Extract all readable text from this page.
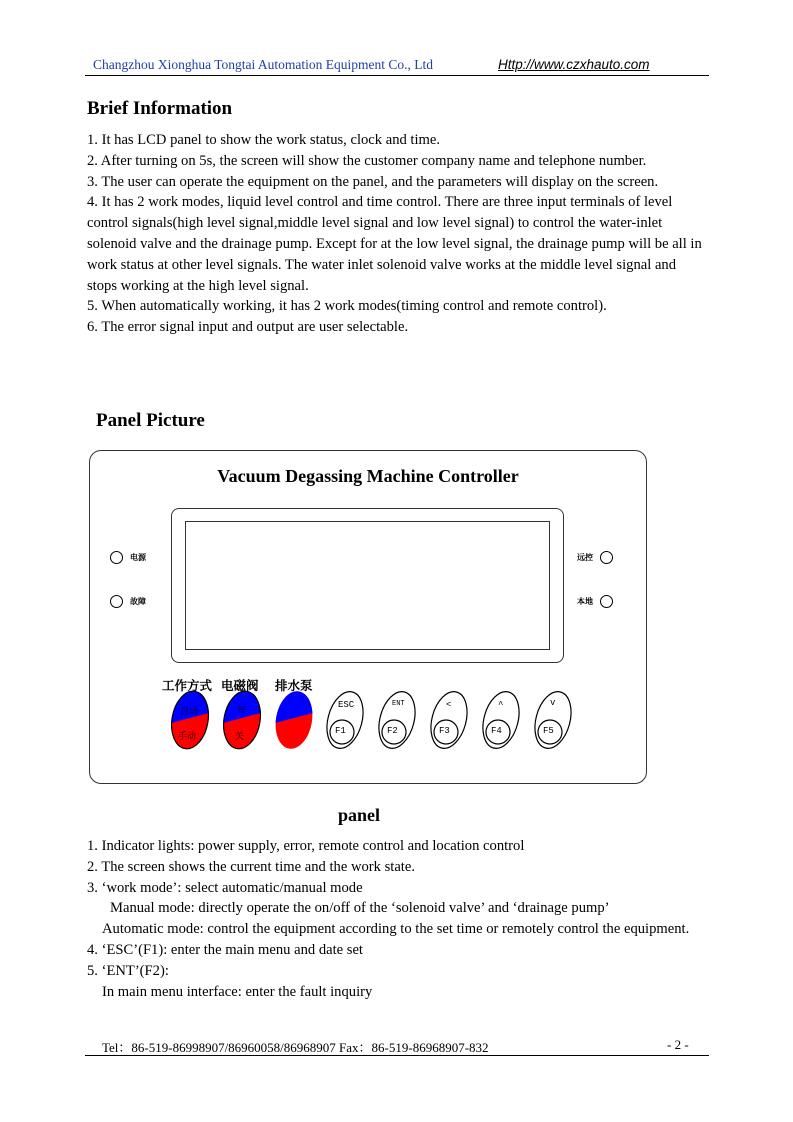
Changzhou Xionghua Tongtai Automation Equipment Co., Ltd	Http://www.czxhauto.com
Brief Information

1. It has LCD panel to show the work status, clock and time.

2. After turning on 5s, the screen will show the customer company name and telephone number.

3. The user can operate the equipment on the panel, and the parameters will display on the screen.

4. It has 2 work modes, liquid level control and time control. There are three input terminals of level control signals(high level signal,middle level signal and low level signal) to control the water-inlet solenoid valve and the drainage pump. Except for at the low level signal, the drainage pump will be all in work status at other level signals. The water inlet solenoid valve works at the middle level signal and stops working at the high level signal.

5. When automatically working, it has 2 work modes(timing control and remote control).

6. The error signal input and output are user selectable.

Panel Picture
Vacuum Degassing Machine Controller
电源
故障
远控
本地
工作方式 电磁阀 排水泵
自动
手动
开
关
ESC
F1
ENT
F2
<
F3
^
F4
v
F5
panel

1. Indicator lights: power supply, error, remote control and location control

2. The screen shows the current time and the work state.

3. ‘work mode’: select automatic/manual mode

Manual mode: directly operate the on/off of the ‘solenoid valve’ and ‘drainage pump’

Automatic mode: control the equipment according to the set time or remotely control the equipment.

4. ‘ESC’(F1): enter the main menu and date set

5. ‘ENT’(F2):

In main menu interface: enter the fault inquiry

Tel：86-519-86998907/86960058/86968907 Fax：86-519-86968907-832	- 2 -
